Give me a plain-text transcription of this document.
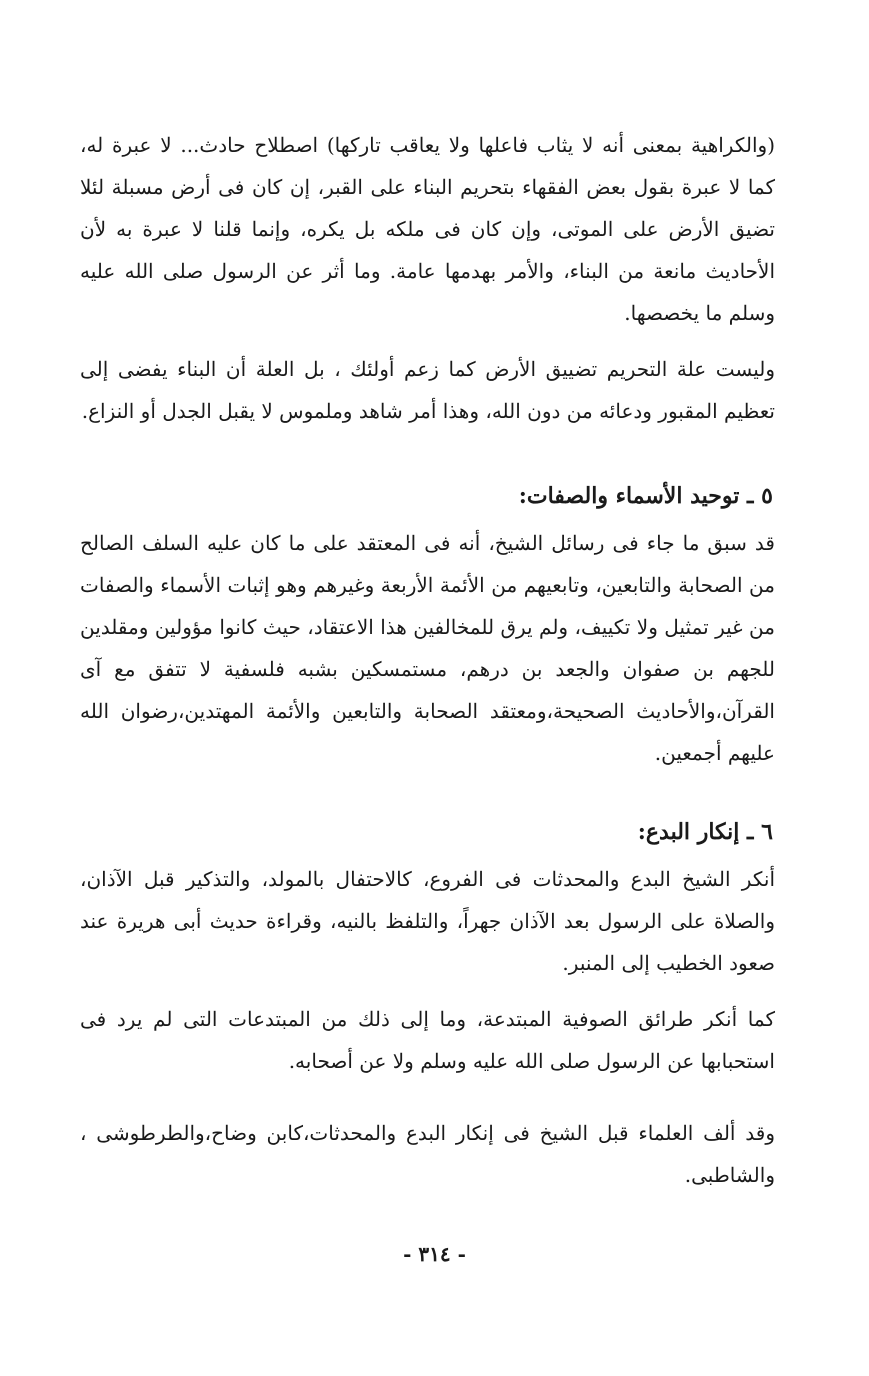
(والكراهية بمعنى أنه لا يثاب فاعلها ولا يعاقب تاركها) اصطلاح حادث... لا عبرة له، كما لا عبرة بقول بعض الفقهاء بتحريم البناء على القبر، إن كان فى أرض مسبلة لئلا تضيق الأرض على الموتى، وإن كان فى ملكه بل يكره، وإنما قلنا لا عبرة به لأن الأحاديث مانعة من البناء، والأمر بهدمها عامة. وما أثر عن الرسول صلى الله عليه وسلم ما يخصصها.

وليست علة التحريم تضييق الأرض كما زعم أولئك ، بل العلة أن البناء يفضى إلى تعظيم المقبور ودعائه من دون الله، وهذا أمر شاهد وملموس لا يقبل الجدل أو النزاع.

٥ ـ توحيد الأسماء والصفات:

قد سبق ما جاء فى رسائل الشيخ، أنه فى المعتقد على ما كان عليه السلف الصالح من الصحابة والتابعين، وتابعيهم من الأئمة الأربعة وغيرهم وهو إثبات الأسماء والصفات من غير تمثيل ولا تكييف، ولم يرق للمخالفين هذا الاعتقاد، حيث كانوا مؤولين ومقلدين للجهم بن صفوان والجعد بن درهم، مستمسكين بشبه فلسفية لا تتفق مع آى القرآن،والأحاديث الصحيحة،ومعتقد الصحابة والتابعين والأئمة المهتدين،رضوان الله عليهم أجمعين.

٦ ـ إنكار البدع:

أنكر الشيخ البدع والمحدثات فى الفروع، كالاحتفال بالمولد، والتذكير قبل الآذان، والصلاة على الرسول بعد الآذان جهراً، والتلفظ بالنيه، وقراءة حديث أبى هريرة عند صعود الخطيب إلى المنبر.

كما أنكر طرائق الصوفية المبتدعة، وما إلى ذلك من المبتدعات التى لم يرد فى استحبابها عن الرسول صلى الله عليه وسلم ولا عن أصحابه.

وقد ألف العلماء قبل الشيخ فى إنكار البدع والمحدثات،كابن وضاح،والطرطوشى ، والشاطبى.

- ٣١٤ -
